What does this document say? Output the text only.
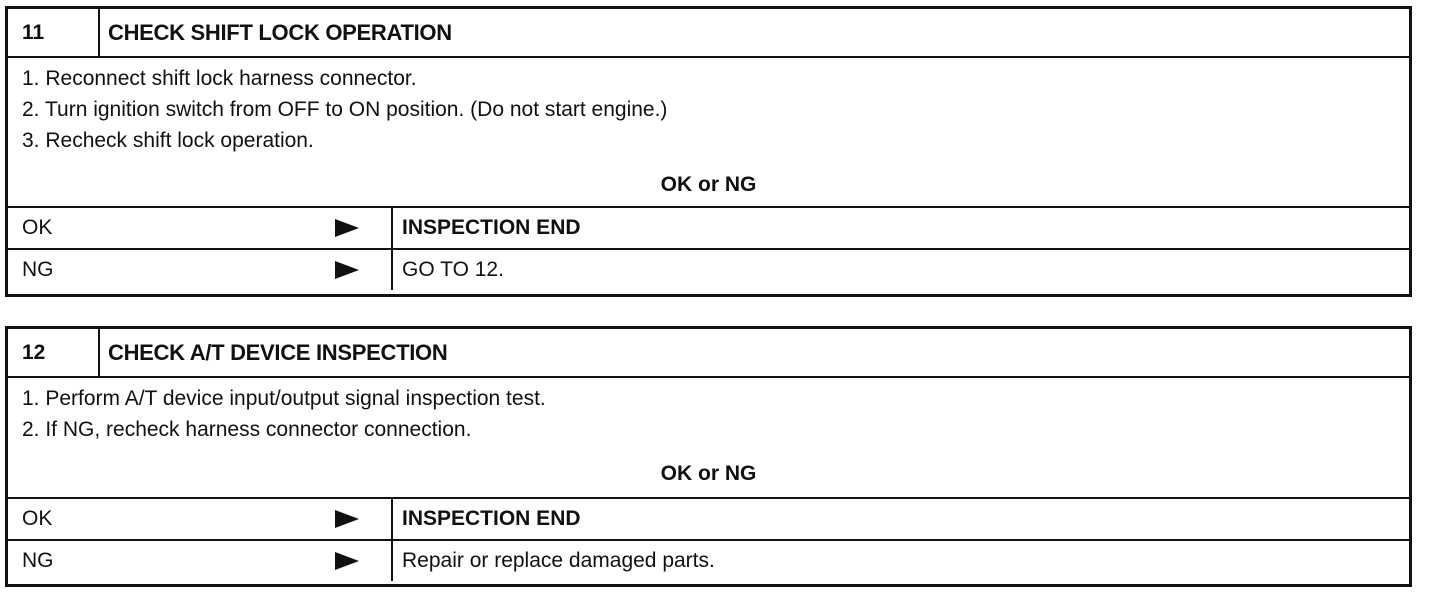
11	CHECK SHIFT LOCK OPERATION
1. Reconnect shift lock harness connector.
2. Turn ignition switch from OFF to ON position. (Do not start engine.)
3. Recheck shift lock operation.
OK or NG
OK	INSPECTION END
NG	GO TO 12.
12	CHECK A/T DEVICE INSPECTION
1. Perform A/T device input/output signal inspection test.
2. If NG, recheck harness connector connection.
OK or NG
OK	INSPECTION END
NG	Repair or replace damaged parts.
